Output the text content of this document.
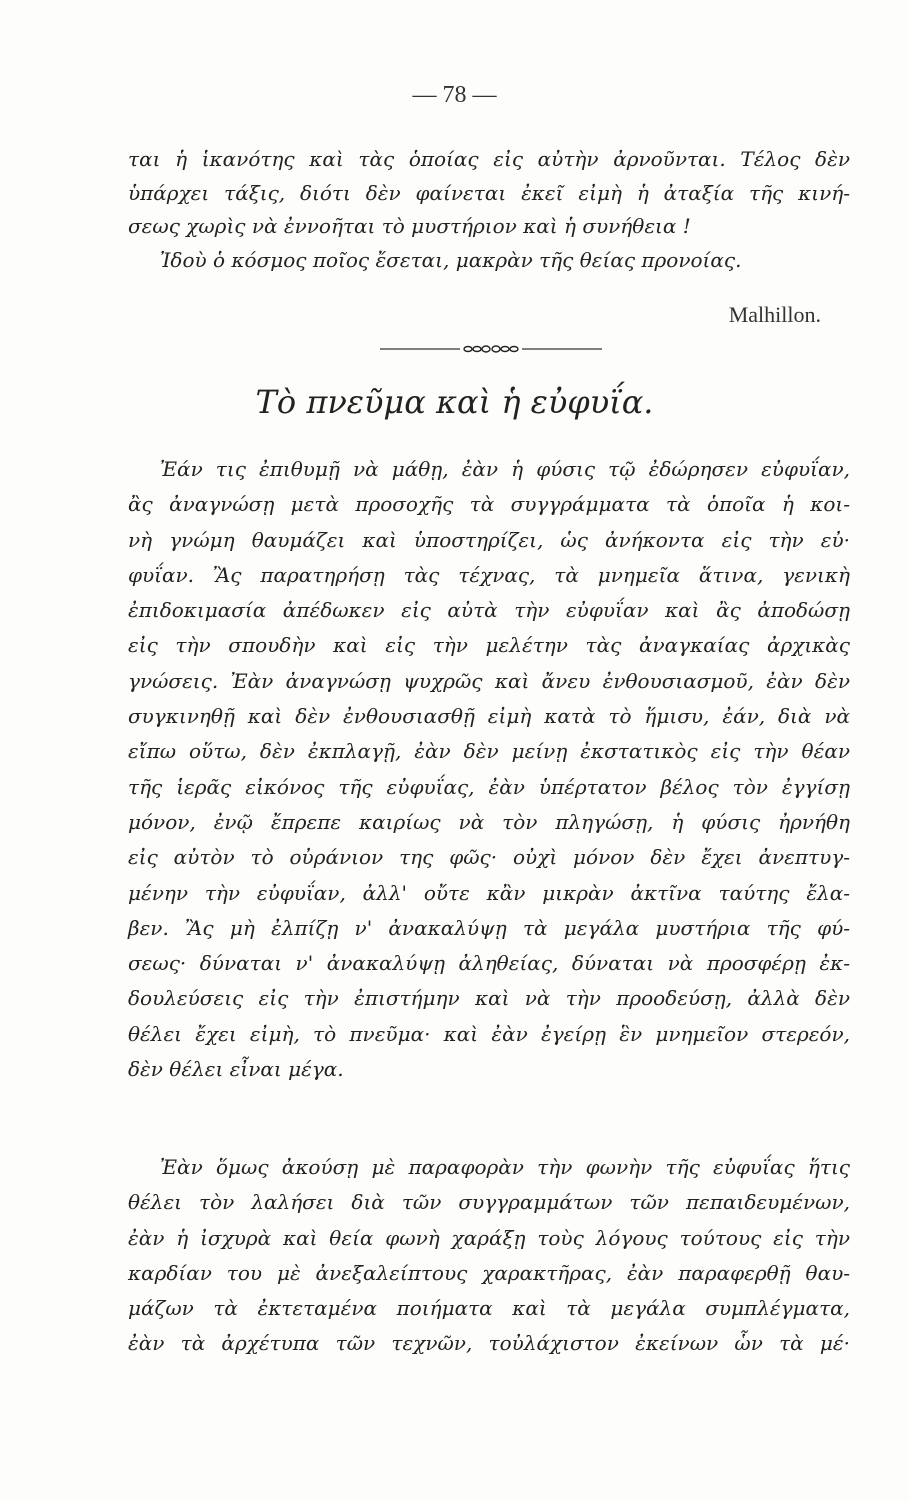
— 78 —
ται ἡ ἱκανότης καὶ τὰς ὁποίας εἰς αὐτὴν ἀρνοῦνται. Τέλος δὲν
ὑπάρχει τάξις, διότι δὲν φαίνεται ἐκεῖ εἰμὴ ἡ ἀταξία τῆς κινή-
σεως χωρὶς νὰ ἐννοῆται τὸ μυστήριον καὶ ἡ συνήθεια !
Ἰδοὺ ὁ κόσμος ποῖος ἔσεται, μακρὰν τῆς θείας προνοίας.
Malhillon.
Τὸ πνεῦμα καὶ ἡ εὐφυΐα.
Ἐάν τις ἐπιθυμῇ νὰ μάθῃ, ἐὰν ἡ φύσις τῷ ἐδώρησεν εὐφυΐαν,
ἂς ἀναγνώσῃ μετὰ προσοχῆς τὰ συγγράμματα τὰ ὁποῖα ἡ κοι-
νὴ γνώμη θαυμάζει καὶ ὑποστηρίζει, ὡς ἀνήκοντα εἰς τὴν εὐ·
φυΐαν. Ἂς παρατηρήσῃ τὰς τέχνας, τὰ μνημεῖα ἅτινα, γενικὴ
ἐπιδοκιμασία ἀπέδωκεν εἰς αὐτὰ τὴν εὐφυΐαν καὶ ἂς ἀποδώσῃ
εἰς τὴν σπουδὴν καὶ εἰς τὴν μελέτην τὰς ἀναγκαίας ἀρχικὰς
γνώσεις. Ἐὰν ἀναγνώσῃ ψυχρῶς καὶ ἄνευ ἐνθουσιασμοῦ, ἐὰν δὲν
συγκινηθῇ καὶ δὲν ἐνθουσιασθῇ εἰμὴ κατὰ τὸ ἥμισυ, ἐάν, διὰ νὰ
εἴπω οὕτω, δὲν ἐκπλαγῇ, ἐὰν δὲν μείνῃ ἐκστατικὸς εἰς τὴν θέαν
τῆς ἱερᾶς εἰκόνος τῆς εὐφυΐας, ἐὰν ὑπέρτατον βέλος τὸν ἐγγίσῃ
μόνον, ἐνῷ ἔπρεπε καιρίως νὰ τὸν πληγώσῃ, ἡ φύσις ἠρνήθη
εἰς αὐτὸν τὸ οὐράνιον της φῶς· οὐχὶ μόνον δὲν ἔχει ἀνεπτυγ-
μένην τὴν εὐφυΐαν, ἀλλ' οὔτε κἂν μικρὰν ἀκτῖνα ταύτης ἔλα-
βεν. Ἂς μὴ ἐλπίζῃ ν' ἀνακαλύψῃ τὰ μεγάλα μυστήρια τῆς φύ-
σεως· δύναται ν' ἀνακαλύψῃ ἀληθείας, δύναται νὰ προσφέρῃ ἐκ-
δουλεύσεις εἰς τὴν ἐπιστήμην καὶ νὰ τὴν προοδεύσῃ, ἀλλὰ δὲν
θέλει ἔχει εἰμὴ, τὸ πνεῦμα· καὶ ἐὰν ἐγείρῃ ἓν μνημεῖον στερεόν,
δὲν θέλει εἶναι μέγα.
Ἐὰν ὅμως ἀκούσῃ μὲ παραφορὰν τὴν φωνὴν τῆς εὐφυΐας ἥτις
θέλει τὸν λαλήσει διὰ τῶν συγγραμμάτων τῶν πεπαιδευμένων,
ἐὰν ἡ ἰσχυρὰ καὶ θεία φωνὴ χαράξῃ τοὺς λόγους τούτους εἰς τὴν
καρδίαν του μὲ ἀνεξαλείπτους χαρακτῆρας, ἐὰν παραφερθῇ θαυ-
μάζων τὰ ἐκτεταμένα ποιήματα καὶ τὰ μεγάλα συμπλέγματα,
ἐὰν τὰ ἀρχέτυπα τῶν τεχνῶν, τοὐλάχιστον ἐκείνων ὧν τὰ μέ·
